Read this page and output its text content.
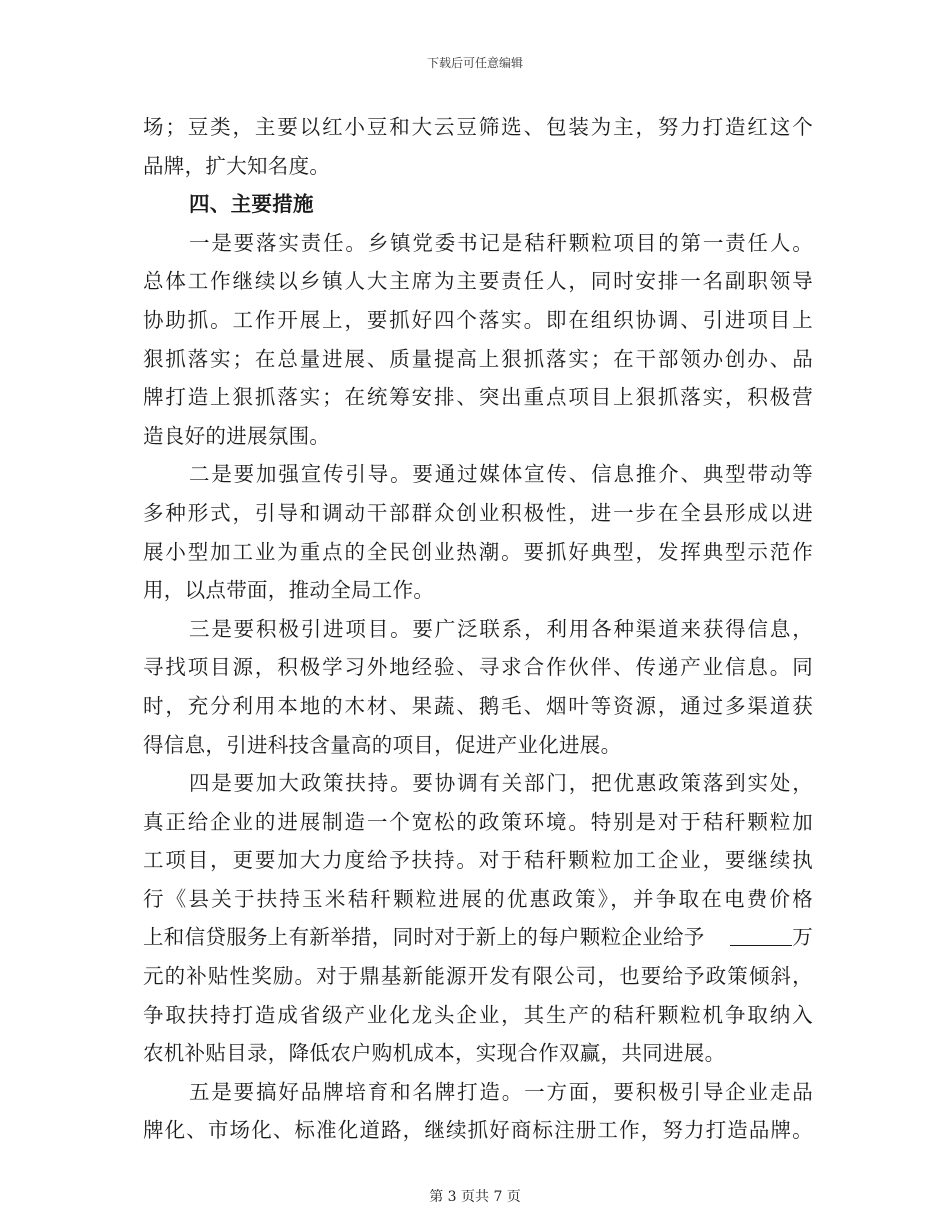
下载后可任意编辑
场；豆类，主要以红小豆和大云豆筛选、包装为主，努力打造红这个
品牌，扩大知名度。
四、主要措施
一是要落实责任。乡镇党委书记是秸秆颗粒项目的第一责任人。
总体工作继续以乡镇人大主席为主要责任人，同时安排一名副职领导
协助抓。工作开展上，要抓好四个落实。即在组织协调、引进项目上
狠抓落实；在总量进展、质量提高上狠抓落实；在干部领办创办、品
牌打造上狠抓落实；在统筹安排、突出重点项目上狠抓落实，积极营
造良好的进展氛围。
二是要加强宣传引导。要通过媒体宣传、信息推介、典型带动等
多种形式，引导和调动干部群众创业积极性，进一步在全县形成以进
展小型加工业为重点的全民创业热潮。要抓好典型，发挥典型示范作
用，以点带面，推动全局工作。
三是要积极引进项目。要广泛联系，利用各种渠道来获得信息，
寻找项目源，积极学习外地经验、寻求合作伙伴、传递产业信息。同
时，充分利用本地的木材、果蔬、鹅毛、烟叶等资源，通过多渠道获
得信息，引进科技含量高的项目，促进产业化进展。
四是要加大政策扶持。要协调有关部门，把优惠政策落到实处，
真正给企业的进展制造一个宽松的政策环境。特别是对于秸秆颗粒加
工项目，更要加大力度给予扶持。对于秸秆颗粒加工企业，要继续执
行《县关于扶持玉米秸秆颗粒进展的优惠政策》，并争取在电费价格
上和信贷服务上有新举措，同时对于新上的每户颗粒企业给予	万
元的补贴性奖励。对于鼎基新能源开发有限公司，也要给予政策倾斜，
争取扶持打造成省级产业化龙头企业，其生产的秸秆颗粒机争取纳入
农机补贴目录，降低农户购机成本，实现合作双赢，共同进展。
五是要搞好品牌培育和名牌打造。一方面，要积极引导企业走品
牌化、市场化、标准化道路，继续抓好商标注册工作，努力打造品牌。
第 3 页共 7 页
